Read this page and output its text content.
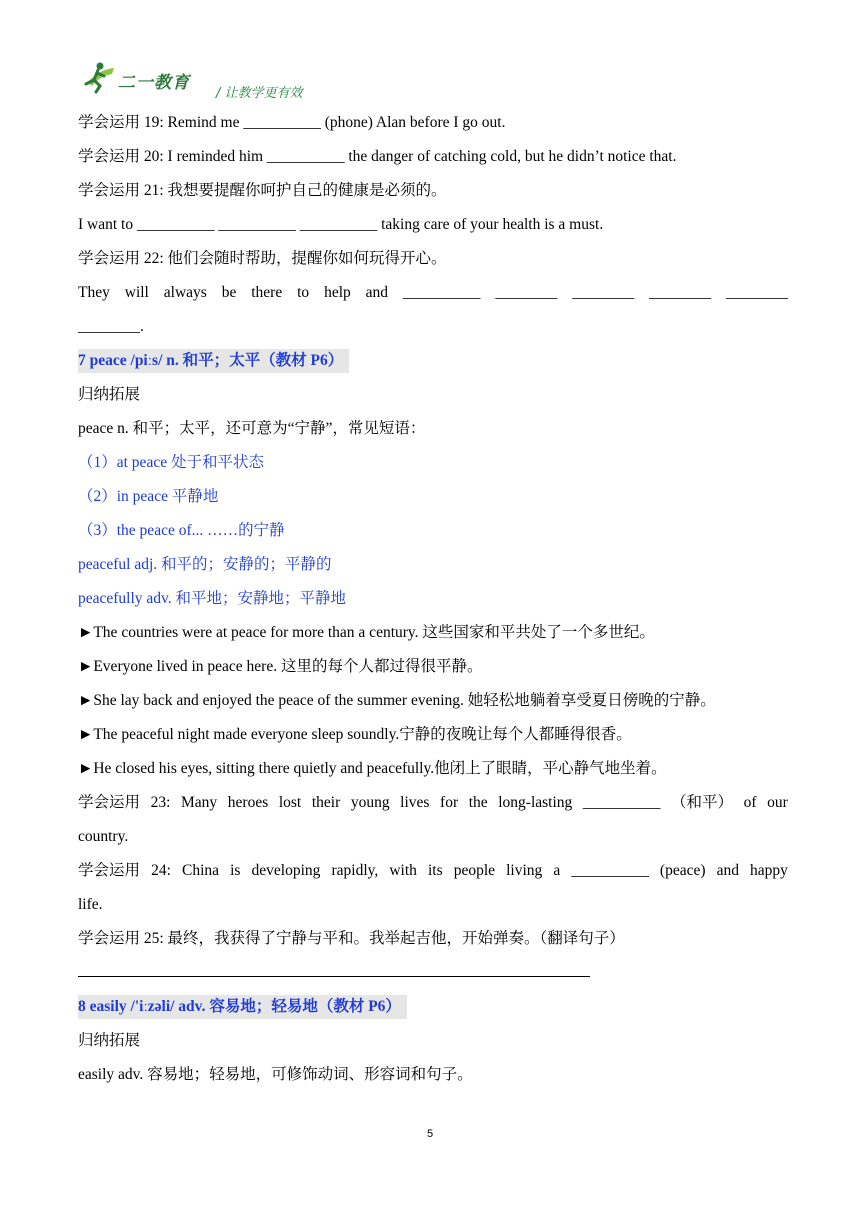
二一教育
/ 让教学更有效
学会运用 19: Remind me __________ (phone) Alan before I go out.
学会运用 20: I reminded him __________ the danger of catching cold, but he didn’t notice that.
学会运用 21: 我想要提醒你呵护自己的健康是必须的。
I want to __________ __________ __________ taking care of your health is a must.
学会运用 22: 他们会随时帮助，提醒你如何玩得开心。
They will always be there to help and __________ ________ ________ ________ ________
________.
7 peace /piːs/ n. 和平；太平（教材 P6）
归纳拓展
peace n. 和平；太平，还可意为“宁静”，常见短语：
（1）at peace 处于和平状态
（2）in peace 平静地
（3）the peace of... ……的宁静
peaceful adj. 和平的；安静的；平静的
peacefully adv. 和平地；安静地；平静地
►The countries were at peace for more than a century. 这些国家和平共处了一个多世纪。
►Everyone lived in peace here. 这里的每个人都过得很平静。
►She lay back and enjoyed the peace of the summer evening. 她轻松地躺着享受夏日傍晚的宁静。
►The peaceful night made everyone sleep soundly.宁静的夜晚让每个人都睡得很香。
►He closed his eyes, sitting there quietly and peacefully.他闭上了眼睛，平心静气地坐着。
学会运用 23: Many heroes lost their young lives for the long-lasting __________ （和平） of our
country.
学会运用 24: China is developing rapidly, with its people living a __________ (peace) and happy
life.
学会运用 25: 最终，我获得了宁静与平和。我举起吉他，开始弹奏。（翻译句子）
8 easily /'iːzəli/ adv. 容易地；轻易地（教材 P6）
归纳拓展
easily adv. 容易地；轻易地，可修饰动词、形容词和句子。
5
